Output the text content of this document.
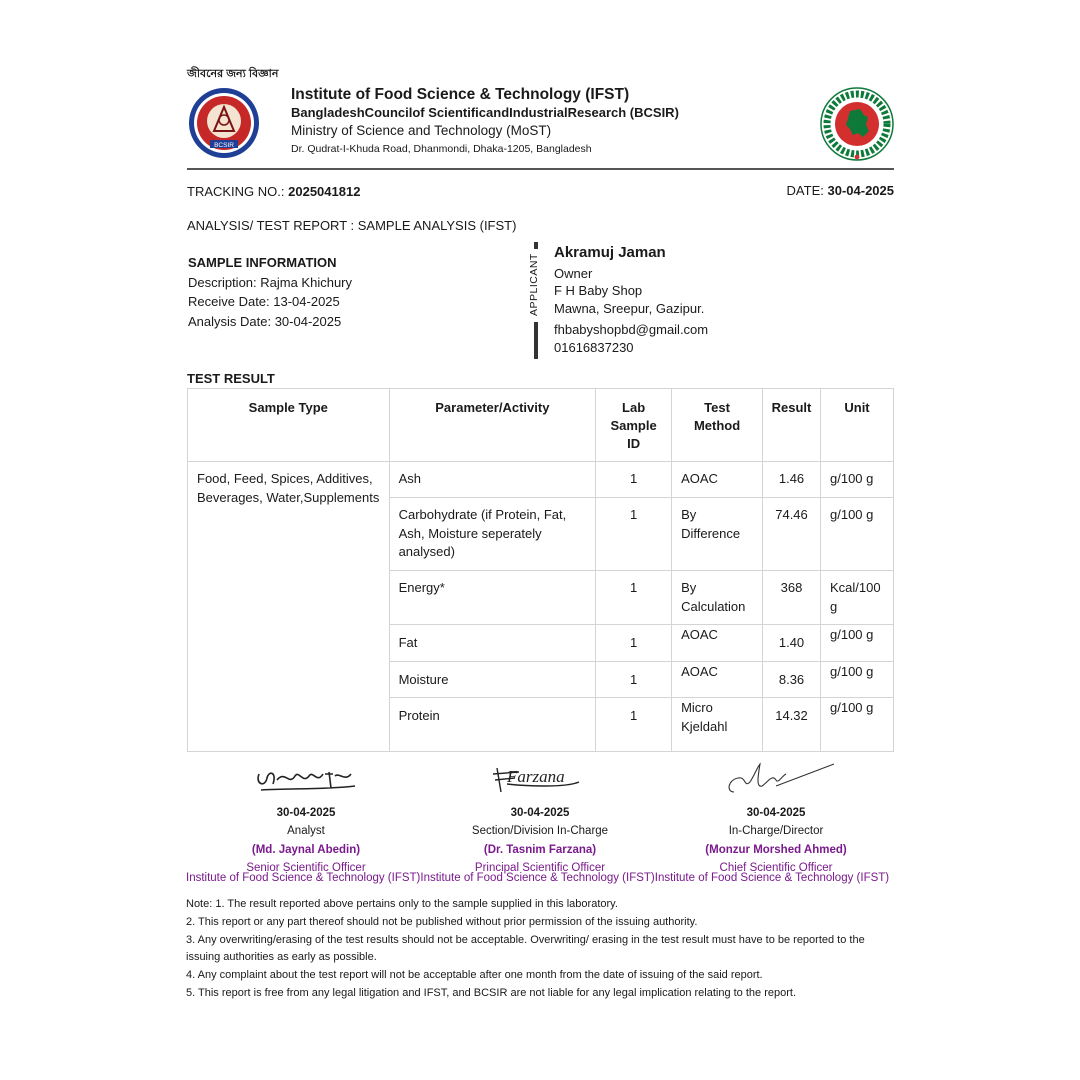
জীবনের জন্য বিজ্ঞান
BCSIR
Institute of Food Science & Technology (IFST)
BangladeshCouncilof ScientificandIndustrialResearch (BCSIR)
Ministry of Science and Technology (MoST)
Dr. Qudrat-I-Khuda Road, Dhanmondi, Dhaka-1205, Bangladesh
TRACKING NO.: 2025041812	DATE: 30-04-2025
ANALYSIS/ TEST REPORT : SAMPLE ANALYSIS (IFST)
SAMPLE INFORMATION
Description: Rajma Khichury
Receive Date: 13-04-2025
Analysis Date: 30-04-2025
APPLICANT
Akramuj Jaman
Owner
F H Baby Shop
Mawna, Sreepur, Gazipur.
fhbabyshopbd@gmail.com
01616837230
TEST RESULT
Sample Type	Parameter/Activity	Lab Sample ID	Test Method	Result	Unit
Food, Feed, Spices, Additives, Beverages, Water,Supplements	Ash	1	AOAC	1.46	g/100 g
	Carbohydrate (if Protein, Fat, Ash, Moisture seperately analysed)	1	By Difference	74.46	g/100 g
	Energy*	1	By Calculation	368	Kcal/100 g
	Fat	1	AOAC	1.40	g/100 g
	Moisture	1	AOAC	8.36	g/100 g
	Protein	1	Micro Kjeldahl	14.32	g/100 g
30-04-2025
Analyst
(Md. Jaynal Abedin)
Senior Scientific Officer
Farzana
30-04-2025
Section/Division In-Charge
(Dr. Tasnim Farzana)
Principal Scientific Officer
30-04-2025
In-Charge/Director
(Monzur Morshed Ahmed)
Chief Scientific Officer
Institute of Food Science & Technology (IFST)Institute of Food Science & Technology (IFST)Institute of Food Science & Technology (IFST)
Note: 1. The result reported above pertains only to the sample supplied in this laboratory.
2. This report or any part thereof should not be published without prior permission of the issuing authority.
3. Any overwriting/erasing of the test results should not be acceptable. Overwriting/ erasing in the test result must have to be reported to the issuing authorities as early as possible.
4. Any complaint about the test report will not be acceptable after one month from the date of issuing of the said report.
5. This report is free from any legal litigation and IFST, and BCSIR are not liable for any legal implication relating to the report.
